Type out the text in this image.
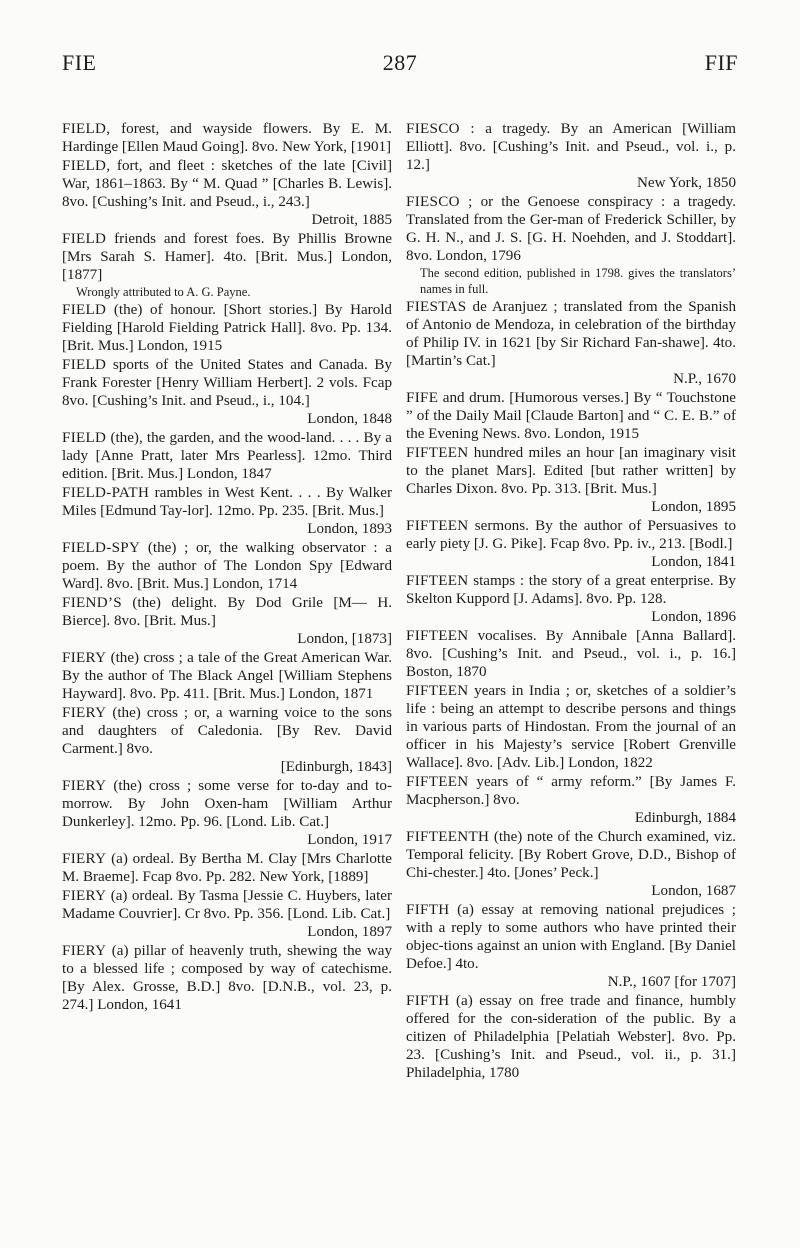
FIE	287	FIF

FIELD, forest, and wayside flowers. By E. M. Hardinge [Ellen Maud Going]. 8vo. New York, [1901]

FIELD, fort, and fleet : sketches of the late [Civil] War, 1861–1863. By “ M. Quad ” [Charles B. Lewis]. 8vo. [Cushing’s Init. and Pseud., i., 243.]
Detroit, 1885

FIELD friends and forest foes. By Phillis Browne [Mrs Sarah S. Hamer]. 4to. [Brit. Mus.] London, [1877]
Wrongly attributed to A. G. Payne.

FIELD (the) of honour. [Short stories.] By Harold Fielding [Harold Fielding Patrick Hall]. 8vo. Pp. 134. [Brit. Mus.] London, 1915

FIELD sports of the United States and Canada. By Frank Forester [Henry William Herbert]. 2 vols. Fcap 8vo. [Cushing’s Init. and Pseud., i., 104.]
London, 1848

FIELD (the), the garden, and the wood-land. . . . By a lady [Anne Pratt, later Mrs Pearless]. 12mo. Third edition. [Brit. Mus.] London, 1847

FIELD-PATH rambles in West Kent. . . . By Walker Miles [Edmund Tay-lor]. 12mo. Pp. 235. [Brit. Mus.]
London, 1893

FIELD-SPY (the) ; or, the walking observator : a poem. By the author of The London Spy [Edward Ward]. 8vo. [Brit. Mus.] London, 1714

FIEND’S (the) delight. By Dod Grile [M— H. Bierce]. 8vo. [Brit. Mus.]
London, [1873]

FIERY (the) cross ; a tale of the Great American War. By the author of The Black Angel [William Stephens Hayward]. 8vo. Pp. 411. [Brit. Mus.] London, 1871

FIERY (the) cross ; or, a warning voice to the sons and daughters of Caledonia. [By Rev. David Carment.] 8vo.
[Edinburgh, 1843]

FIERY (the) cross ; some verse for to-day and to-morrow. By John Oxen-ham [William Arthur Dunkerley]. 12mo. Pp. 96. [Lond. Lib. Cat.]
London, 1917

FIERY (a) ordeal. By Bertha M. Clay [Mrs Charlotte M. Braeme]. Fcap 8vo. Pp. 282. New York, [1889]

FIERY (a) ordeal. By Tasma [Jessie C. Huybers, later Madame Couvrier]. Cr 8vo. Pp. 356. [Lond. Lib. Cat.]
London, 1897

FIERY (a) pillar of heavenly truth, shewing the way to a blessed life ; composed by way of catechisme. [By Alex. Grosse, B.D.] 8vo. [D.N.B., vol. 23, p. 274.] London, 1641

FIESCO : a tragedy. By an American [William Elliott]. 8vo. [Cushing’s Init. and Pseud., vol. i., p. 12.]
New York, 1850

FIESCO ; or the Genoese conspiracy : a tragedy. Translated from the Ger-man of Frederick Schiller, by G. H. N., and J. S. [G. H. Noehden, and J. Stoddart]. 8vo. London, 1796
The second edition, published in 1798. gives the translators’ names in full.

FIESTAS de Aranjuez ; translated from the Spanish of Antonio de Mendoza, in celebration of the birthday of Philip IV. in 1621 [by Sir Richard Fan-shawe]. 4to. [Martin’s Cat.]
N.P., 1670

FIFE and drum. [Humorous verses.] By “ Touchstone ” of the Daily Mail [Claude Barton] and “ C. E. B.” of the Evening News. 8vo. London, 1915

FIFTEEN hundred miles an hour [an imaginary visit to the planet Mars]. Edited [but rather written] by Charles Dixon. 8vo. Pp. 313. [Brit. Mus.]
London, 1895

FIFTEEN sermons. By the author of Persuasives to early piety [J. G. Pike]. Fcap 8vo. Pp. iv., 213. [Bodl.]
London, 1841

FIFTEEN stamps : the story of a great enterprise. By Skelton Kuppord [J. Adams]. 8vo. Pp. 128.
London, 1896

FIFTEEN vocalises. By Annibale [Anna Ballard]. 8vo. [Cushing’s Init. and Pseud., vol. i., p. 16.] Boston, 1870

FIFTEEN years in India ; or, sketches of a soldier’s life : being an attempt to describe persons and things in various parts of Hindostan. From the journal of an officer in his Majesty’s service [Robert Grenville Wallace]. 8vo. [Adv. Lib.] London, 1822

FIFTEEN years of “ army reform.” [By James F. Macpherson.] 8vo.
Edinburgh, 1884

FIFTEENTH (the) note of the Church examined, viz. Temporal felicity. [By Robert Grove, D.D., Bishop of Chi-chester.] 4to. [Jones’ Peck.]
London, 1687

FIFTH (a) essay at removing national prejudices ; with a reply to some authors who have printed their objec-tions against an union with England. [By Daniel Defoe.] 4to.
N.P., 1607 [for 1707]

FIFTH (a) essay on free trade and finance, humbly offered for the con-sideration of the public. By a citizen of Philadelphia [Pelatiah Webster]. 8vo. Pp. 23. [Cushing’s Init. and Pseud., vol. ii., p. 31.] Philadelphia, 1780
